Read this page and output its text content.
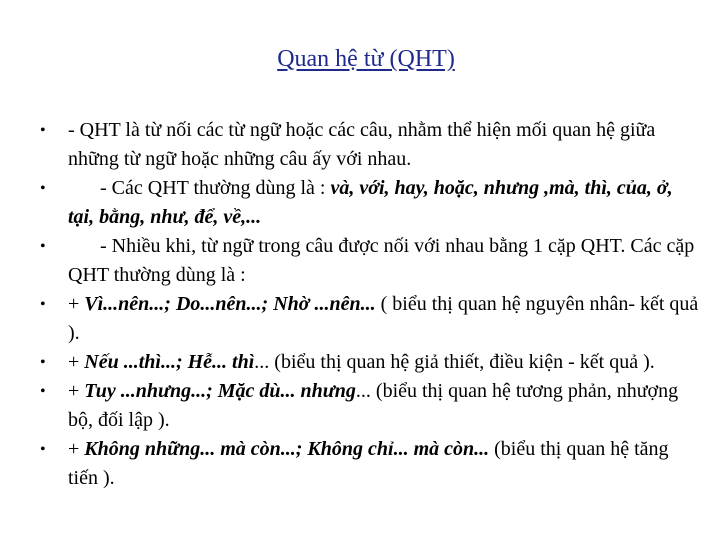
Quan hệ từ (QHT)
• - QHT là từ nối các từ ngữ hoặc các câu, nhằm thể hiện mối quan hệ giữa những từ ngữ hoặc những câu ấy với nhau.
•	- Các QHT thường dùng là : và, với, hay, hoặc, nhưng ,mà, thì, của, ở, tại, bằng, như, để, về,...
•	- Nhiều khi, từ ngữ trong câu được nối với nhau bằng 1 cặp QHT. Các cặp QHT thường dùng là :
• + Vì...nên...; Do...nên...; Nhờ ...nên... ( biểu thị quan hệ nguyên nhân- kết quả ).
• + Nếu ...thì...; Hễ... thì... (biểu thị quan hệ giả thiết, điều kiện - kết quả ).
• + Tuy ...nhưng...; Mặc dù... nhưng... (biểu thị quan hệ tương phản, nhượng bộ, đối lập ).
• + Không những... mà còn...; Không chỉ... mà còn... (biểu thị quan hệ tăng tiến ).
